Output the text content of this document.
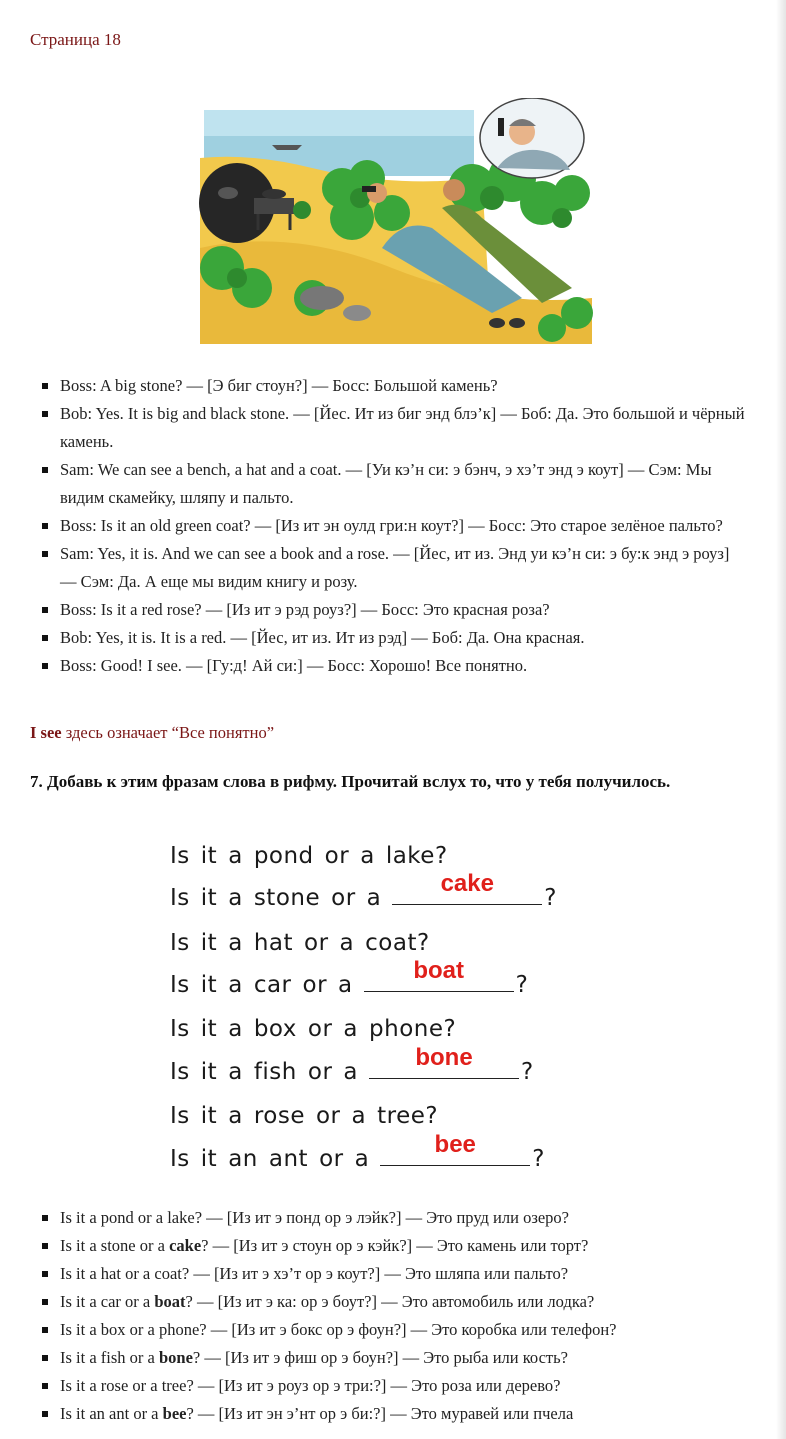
Страница 18
Boss: A big stone? — [Э биг стоун?] — Босс: Большой камень?
Bob: Yes. It is big and black stone. — [Йес. Ит из биг энд блэ’к] — Боб: Да. Это большой и чёрный камень.
Sam: We can see a bench, a hat and a coat. — [Уи кэ’н си: э бэнч, э хэ’т энд э коут] — Сэм: Мы видим скамейку, шляпу и пальто.
Boss: Is it an old green coat? — [Из ит эн оулд гри:н коут?] — Босс: Это старое зелёное пальто?
Sam: Yes, it is. And we can see a book and a rose. — [Йес, ит из. Энд уи кэ’н си: э бу:к энд э роуз] — Сэм: Да. А еще мы видим книгу и розу.
Boss: Is it a red rose? — [Из ит э рэд роуз?] — Босс: Это красная роза?
Bob: Yes, it is. It is a red. — [Йес, ит из. Ит из рэд] — Боб: Да. Она красная.
Boss: Good! I see. — [Гу:д! Ай си:] — Босс: Хорошо! Все понятно.
I see здесь означает “Все понятно”
7. Добавь к этим фразам слова в рифму. Прочитай вслух то, что у тебя получилось.
Is it a pond or a lake?
Is it a stone or a
cake
?
Is it a hat or a coat?
Is it a car or a
boat
?
Is it a box or a phone?
Is it a fish or a
bone
?
Is it a rose or a tree?
Is it an ant or a
bee
?
Is it a pond or a lake? — [Из ит э понд ор э лэйк?] — Это пруд или озеро?
Is it a stone or a cake? — [Из ит э стоун ор э кэйк?] — Это камень или торт?
Is it a hat or a coat? — [Из ит э хэ’т ор э коут?] — Это шляпа или пальто?
Is it a car or a boat? — [Из ит э ка: ор э боут?] — Это автомобиль или лодка?
Is it a box or a phone? — [Из ит э бокс ор э фоун?] — Это коробка или телефон?
Is it a fish or a bone? — [Из ит э фиш ор э боун?] — Это рыба или кость?
Is it a rose or a tree? — [Из ит э роуз ор э три:?] — Это роза или дерево?
Is it an ant or a bee? — [Из ит эн э’нт ор э би:?] — Это муравей или пчела
